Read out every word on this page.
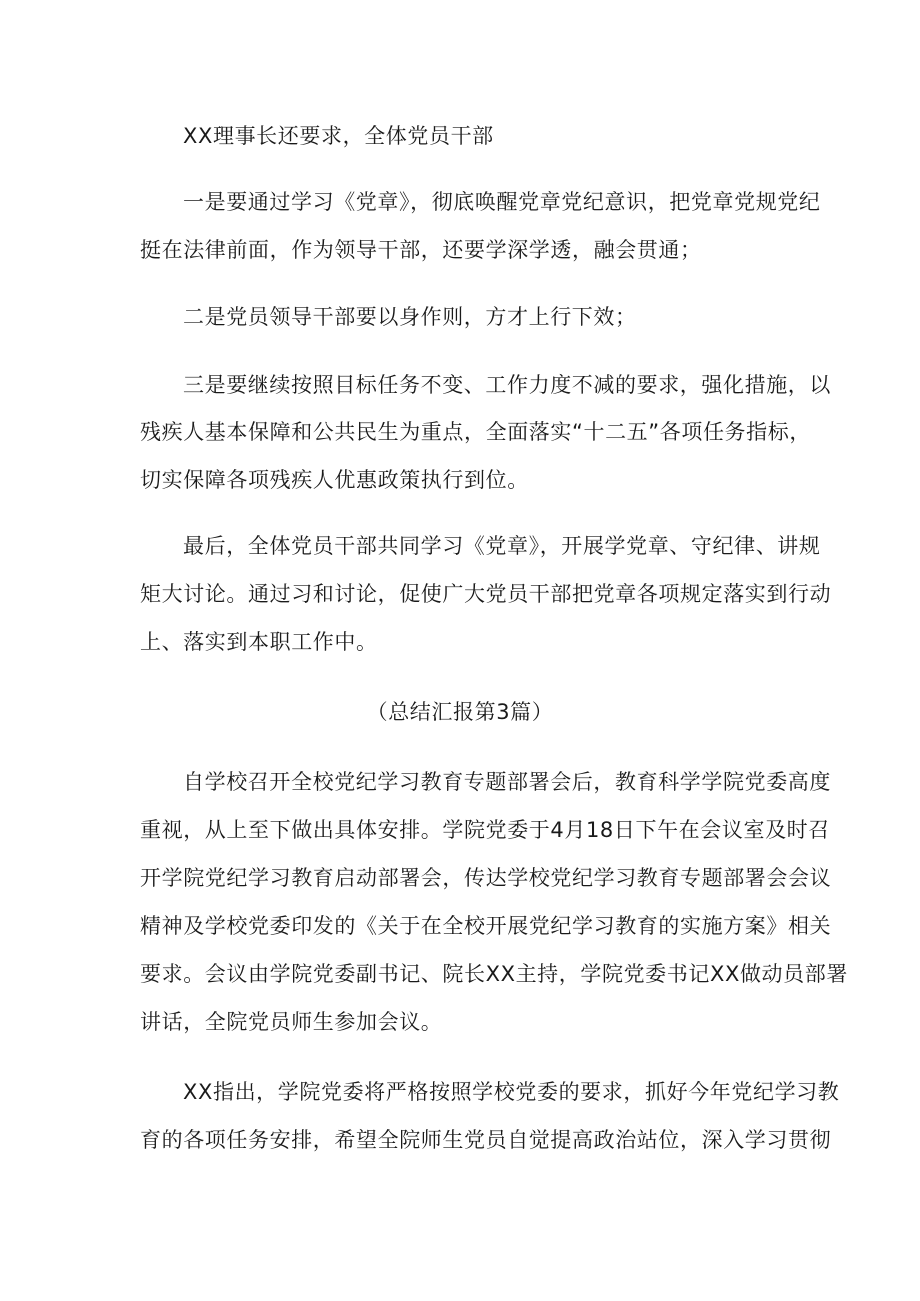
XX理事长还要求，全体党员干部
一是要通过学习《党章》，彻底唤醒党章党纪意识，把党章党规党纪
挺在法律前面，作为领导干部，还要学深学透，融会贯通；
二是党员领导干部要以身作则，方才上行下效；
三是要继续按照目标任务不变、工作力度不减的要求，强化措施，以
残疾人基本保障和公共民生为重点，全面落实“十二五”各项任务指标，
切实保障各项残疾人优惠政策执行到位。
最后，全体党员干部共同学习《党章》，开展学党章、守纪律、讲规
矩大讨论。通过习和讨论，促使广大党员干部把党章各项规定落实到行动
上、落实到本职工作中。
（总结汇报第3篇）
自学校召开全校党纪学习教育专题部署会后，教育科学学院党委高度
重视，从上至下做出具体安排。学院党委于4月18日下午在会议室及时召
开学院党纪学习教育启动部署会，传达学校党纪学习教育专题部署会会议
精神及学校党委印发的《关于在全校开展党纪学习教育的实施方案》相关
要求。会议由学院党委副书记、院长XX主持，学院党委书记XX做动员部署
讲话，全院党员师生参加会议。
XX指出，学院党委将严格按照学校党委的要求，抓好今年党纪学习教
育的各项任务安排，希望全院师生党员自觉提高政治站位，深入学习贯彻
